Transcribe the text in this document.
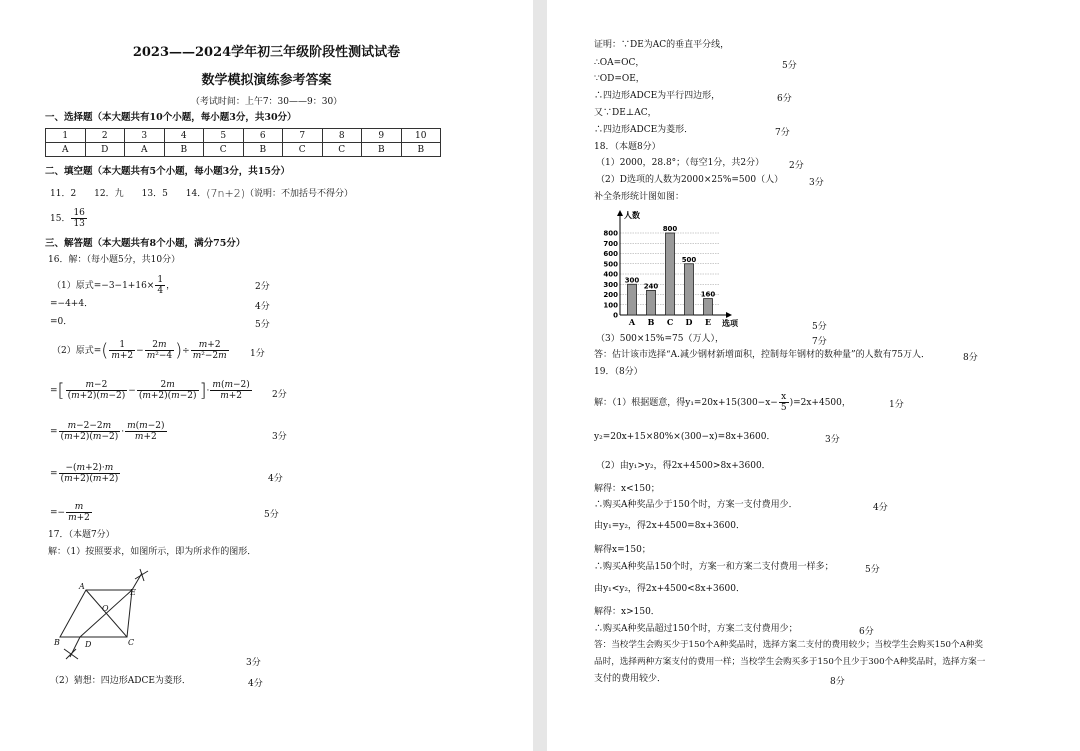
2023——2024学年初三年级阶段性测试试卷
数学模拟演练参考答案
（考试时间：上午7：30——9：30）
一、选择题（本大题共有10个小题，每小题3分，共30分）
1	2	3	4	5	6	7	8	9	10
A	D	A	B	C	B	C	C	B	B
二、填空题（本大题共有5个小题，每小题3分，共15分）
11．2　　12．九　　13．5　　14．(7n+2)（说明：不加括号不得分）
15． $\frac{16}{13}$
三、解答题（本大题共有8个小题，满分75分）
16．解：（每小题5分，共10分）
（1）原式$=-3-1+16\times \frac{1}{4}$ ，	2分
=−4+4．	4分
=0．	5分
（2）原式=( $\frac{1}{m+2} - \frac{2m}{\text{m²−4}}$ )÷ $\frac{m+2}{\text{m²−2m}} 1$分
=[ $\frac{m-2}{(m+2)(m-2)} - \frac{2m}{(m+2)(m-2)}$ ]· $\frac{m(m-2)}{m+2} 2$分
= $\frac{m-2-2m}{(m+2)(m-2)} \cdot \frac{m(m-2)}{m+2}$	3分
= $\frac{-(m+2)\cdot m}{(m+2)(m+2)}$	4分
=− $\frac{m}{m+2}$	5分
17．（本题7分）
解：（1）按照要求，如图所示，即为所求作的图形．
A
E
O
B	D	C
3分
（2）猜想：四边形ADCE为菱形．	4分
证明：∵DE为AC的垂直平分线，
∴OA=OC，	5分
∵OD=OE，
∴四边形ADCE为平行四边形，	6分
又∵DE⊥AC，
∴四边形ADCE为菱形．	7分
18．（本题8分）
（1）2000，28.8°；（每空1分，共2分）	2分
（2）D选项的人数为2000×25%=500（人）	3分
补全条形统计图如图：
0
100
200
300
400
500
600
700
800
人数
选项
300
A
240
B
800
C
500
D
160
E	5分
（3）500×15%=75（万人），	7分
答：估计该市选择“A.减少钢材新增面积，控制每年钢材的数种量”的人数有75万人．	8分
19．（8分）
解：（1）根据题意，得$y_1=20x+15(300-x- \frac{x}{5} )=2x+4500$，	1分
y₂=20x+15×80%×(300−x)=8x+3600．	3分
（2）由y₁>y₂，得2x+4500>8x+3600．
解得：x<150；
∴购买A种奖品少于150个时，方案一支付费用少．	4分
由y₁=y₂，得2x+4500=8x+3600．
解得x=150；
∴购买A种奖品150个时，方案一和方案二支付费用一样多；	5分
由y₁<y₂，得2x+4500<8x+3600．
解得：x>150．
∴购买A种奖品超过150个时，方案二支付费用少；	6分
答：当校学生会购买少于150个A种奖品时，选择方案二支付的费用较少；当校学生会购买150个A种奖
品时，选择两种方案支付的费用一样；当校学生会购买多于150个且少于300个A种奖品时，选择方案一
支付的费用较少．	8分
